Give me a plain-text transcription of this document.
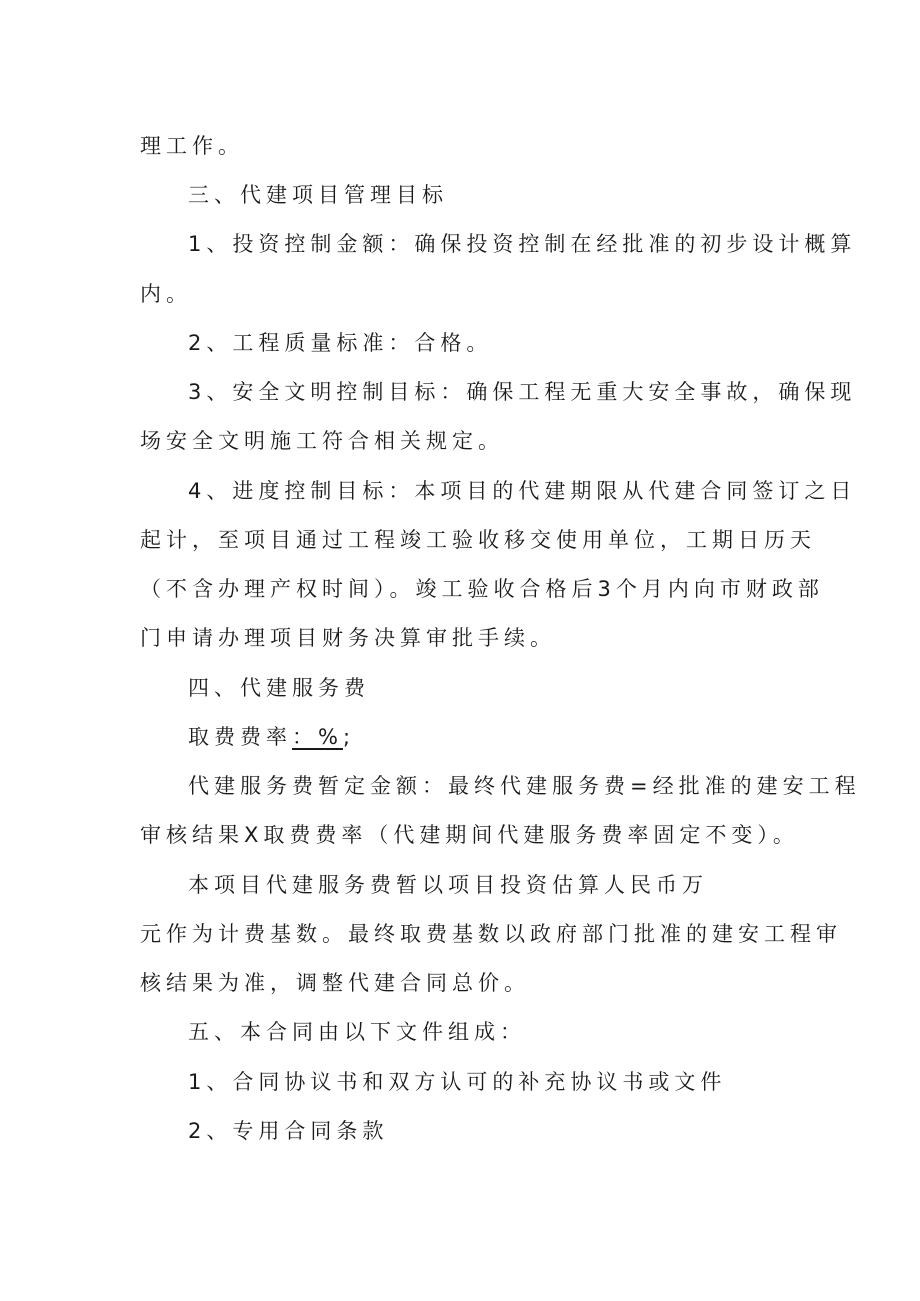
理工作。
三、代建项目管理目标
1、投资控制金额：确保投资控制在经批准的初步设计概算
内。
2、工程质量标准：合格。
3、安全文明控制目标：确保工程无重大安全事故，确保现
场安全文明施工符合相关规定。
4、进度控制目标：本项目的代建期限从代建合同签订之日
起计，至项目通过工程竣工验收移交使用单位，工期日历天
（不含办理产权时间）。竣工验收合格后3个月内向市财政部
门申请办理项目财务决算审批手续。
四、代建服务费
取费费率：%;
代建服务费暂定金额：最终代建服务费=经批准的建安工程
审核结果X取费费率（代建期间代建服务费率固定不变）。
本项目代建服务费暂以项目投资估算人民币万
元作为计费基数。最终取费基数以政府部门批准的建安工程审
核结果为准，调整代建合同总价。
五、本合同由以下文件组成：
1、合同协议书和双方认可的补充协议书或文件
2、专用合同条款
